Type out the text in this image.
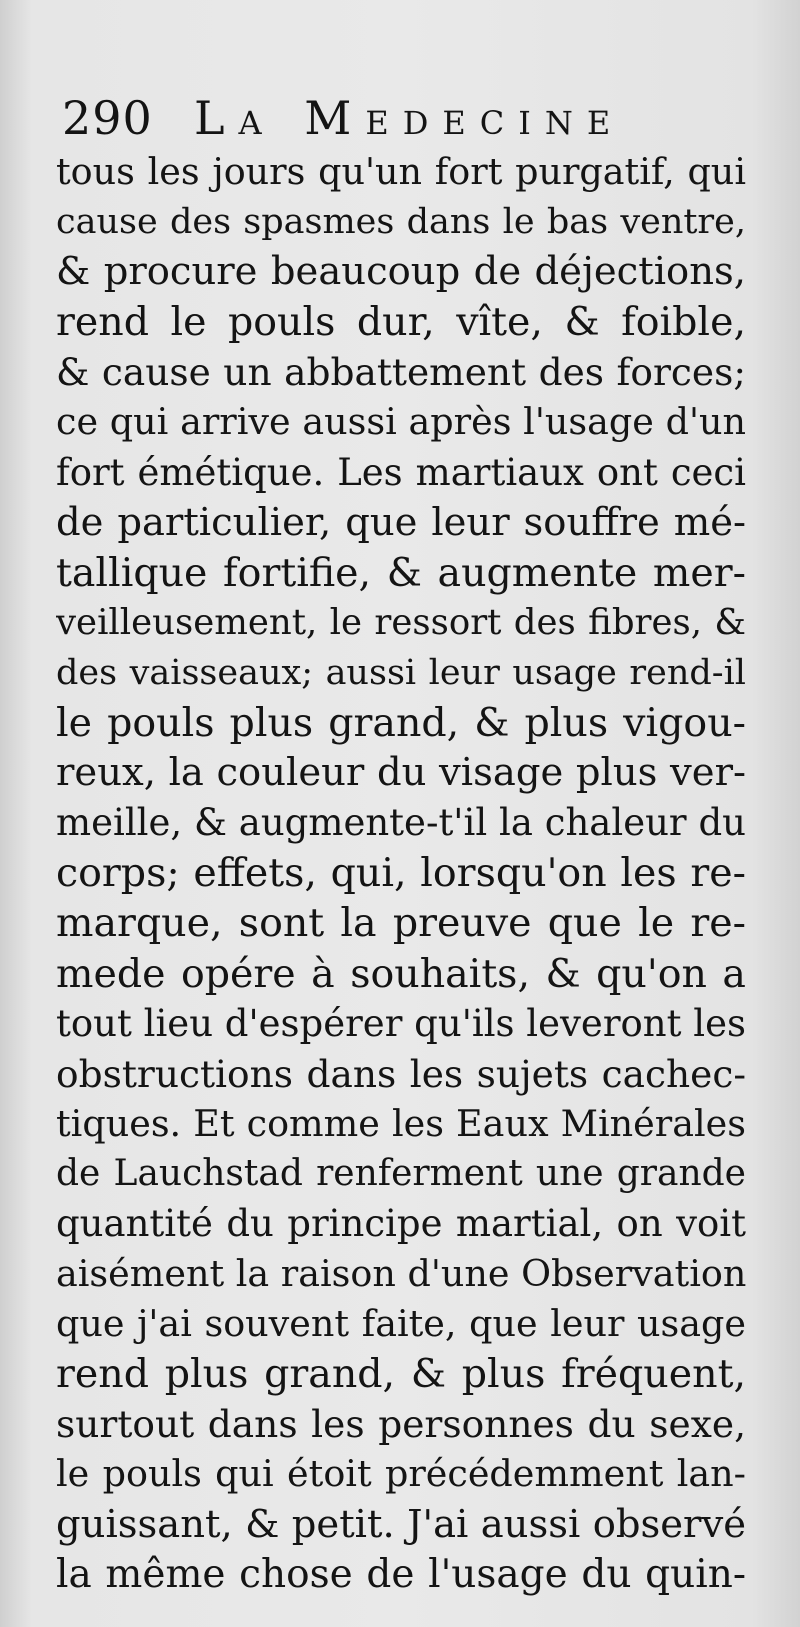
290 La Medecine
tous les jours qu'un fort purgatif, qui
cause des spasmes dans le bas ventre,
& procure beaucoup de déjections,
rend le pouls dur, vîte, & foible,
& cause un abbattement des forces;
ce qui arrive aussi après l'usage d'un
fort émétique. Les martiaux ont ceci
de particulier, que leur souffre mé-
tallique fortifie, & augmente mer-
veilleusement, le ressort des fibres, &
des vaisseaux; aussi leur usage rend-il
le pouls plus grand, & plus vigou-
reux, la couleur du visage plus ver-
meille, & augmente-t'il la chaleur du
corps; effets, qui, lorsqu'on les re-
marque, sont la preuve que le re-
mede opére à souhaits, & qu'on a
tout lieu d'espérer qu'ils leveront les
obstructions dans les sujets cachec-
tiques. Et comme les Eaux Minérales
de Lauchstad renferment une grande
quantité du principe martial, on voit
aisément la raison d'une Observation
que j'ai souvent faite, que leur usage
rend plus grand, & plus fréquent,
surtout dans les personnes du sexe,
le pouls qui étoit précédemment lan-
guissant, & petit. J'ai aussi observé
la même chose de l'usage du quin-
